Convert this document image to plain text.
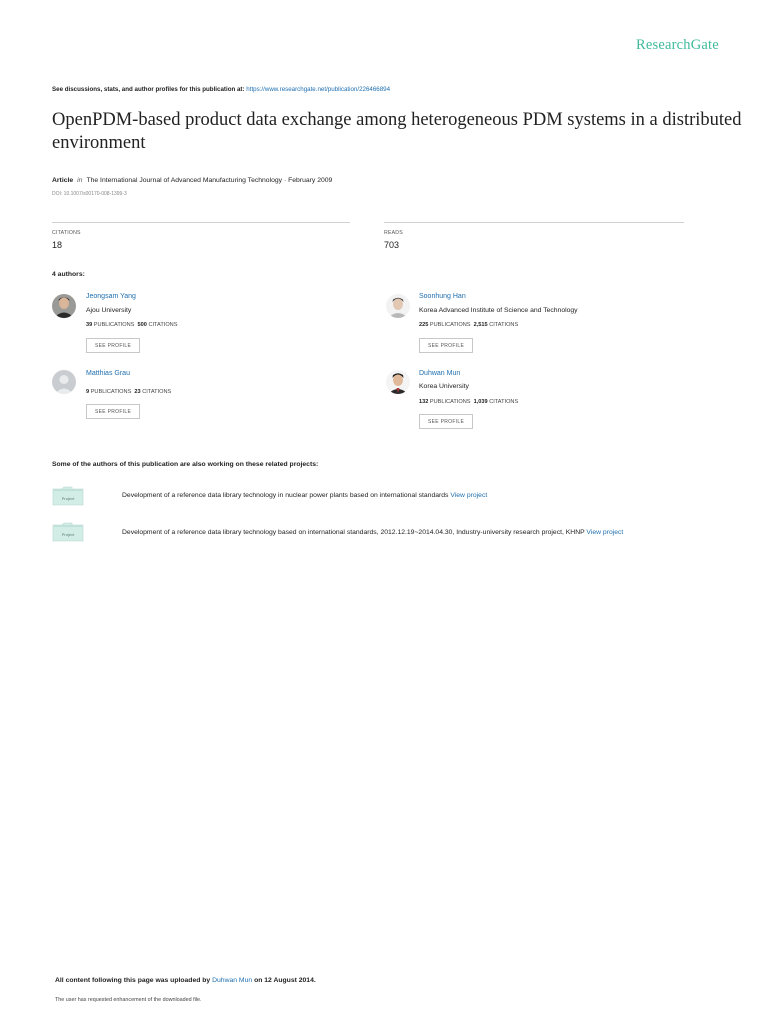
ResearchGate
See discussions, stats, and author profiles for this publication at: https://www.researchgate.net/publication/226466894
OpenPDM-based product data exchange among heterogeneous PDM systems in a distributed environment
Article in The International Journal of Advanced Manufacturing Technology · February 2009
DOI: 10.1007/s00170-008-1399-3
CITATIONS
18
READS
703
4 authors:
Jeongsam Yang
Ajou University
39 PUBLICATIONS 500 CITATIONS
SEE PROFILE
Soonhung Han
Korea Advanced Institute of Science and Technology
225 PUBLICATIONS 2,515 CITATIONS
SEE PROFILE
Matthias Grau
9 PUBLICATIONS 23 CITATIONS
SEE PROFILE
Duhwan Mun
Korea University
132 PUBLICATIONS 1,039 CITATIONS
SEE PROFILE
Some of the authors of this publication are also working on these related projects:
Project	Development of a reference data library technology in nuclear power plants based on international standards View project
Project	Development of a reference data library technology based on international standards, 2012.12.19~2014.04.30, Industry-university research project, KHNP View project
All content following this page was uploaded by Duhwan Mun on 12 August 2014.
The user has requested enhancement of the downloaded file.
